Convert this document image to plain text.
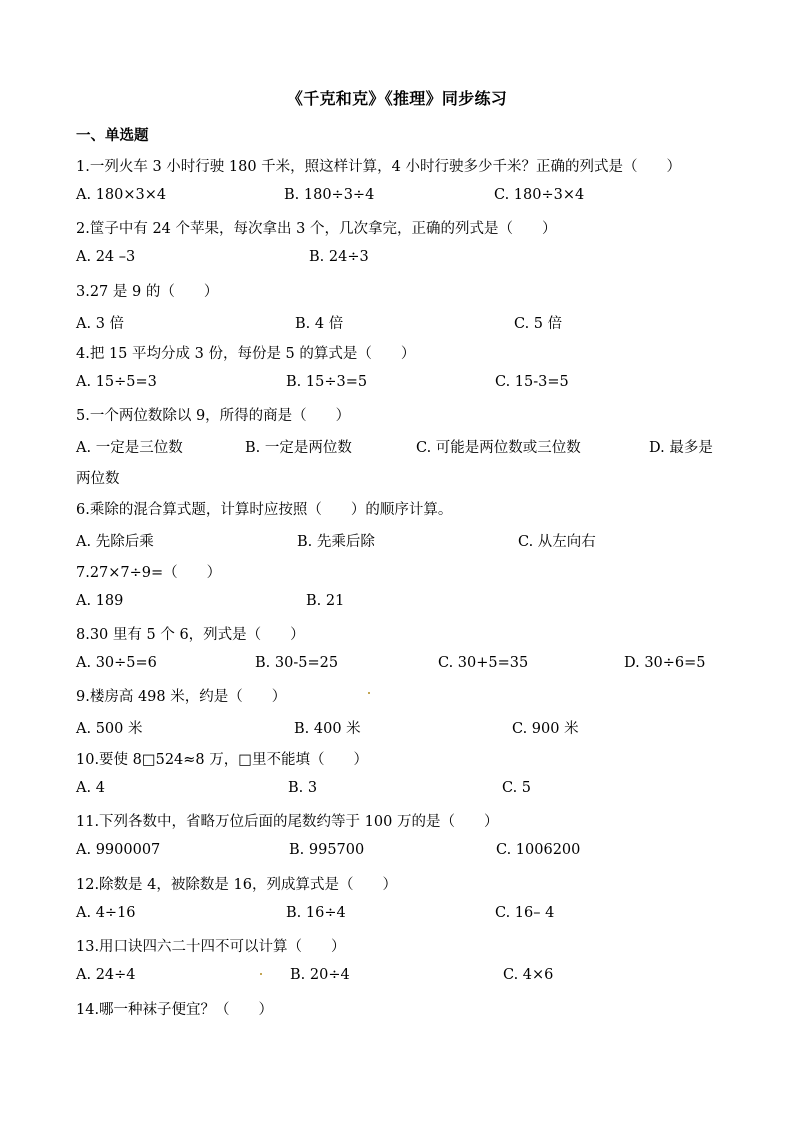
《千克和克》《推理》同步练习
一、单选题
1.一列火车 3 小时行驶 180 千米，照这样计算，4 小时行驶多少千米？正确的列式是（　　）
A. 180×3×4	B. 180÷3÷4	C. 180÷3×4
2.筐子中有 24 个苹果，每次拿出 3 个，几次拿完，正确的列式是（　　）
A. 24 –3	B. 24÷3
3.27 是 9 的（　　）
A. 3 倍	B. 4 倍	C. 5 倍
4.把 15 平均分成 3 份，每份是 5 的算式是（　　）
A. 15÷5=3	B. 15÷3=5	C. 15-3=5
5.一个两位数除以 9，所得的商是（　　）
A. 一定是三位数	B. 一定是两位数	C. 可能是两位数或三位数	D. 最多是
两位数
6.乘除的混合算式题，计算时应按照（　　）的顺序计算。
A. 先除后乘	B. 先乘后除	C. 从左向右
7.27×7÷9=（　　）
A. 189	B. 21
8.30 里有 5 个 6，列式是（　　）
A. 30÷5=6	B. 30-5=25	C. 30+5=35	D. 30÷6=5
9.楼房高 498 米，约是（　　）
A. 500 米	B. 400 米	C. 900 米
10.要使 8□524≈8 万，□里不能填（　　）
A. 4	B. 3	C. 5
11.下列各数中，省略万位后面的尾数约等于 100 万的是（　　）
A. 9900007	B. 995700	C. 1006200
12.除数是 4，被除数是 16，列成算式是（　　）
A. 4÷16	B. 16÷4	C. 16– 4
13.用口诀四六二十四不可以计算（　　）
A. 24÷4	B. 20÷4	C. 4×6
14.哪一种袜子便宜？（　　）
